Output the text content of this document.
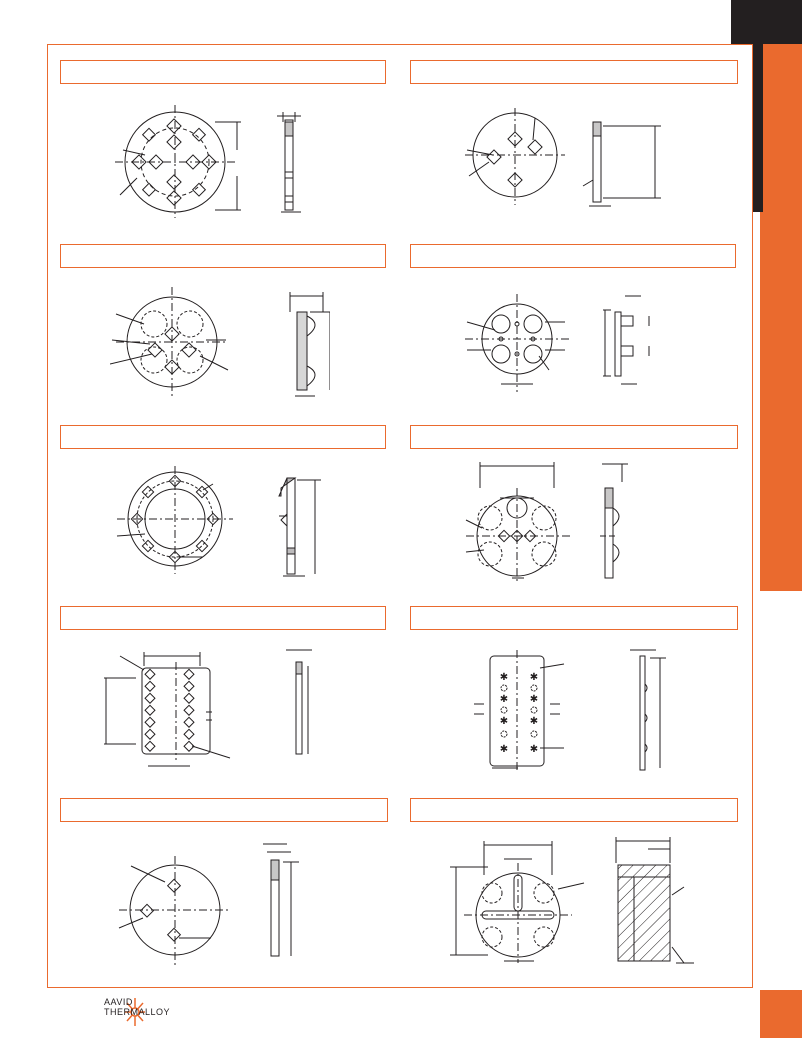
✱
✱
✱
✱
✱
✱
✱
✱
AAVID
THERMALLOY
